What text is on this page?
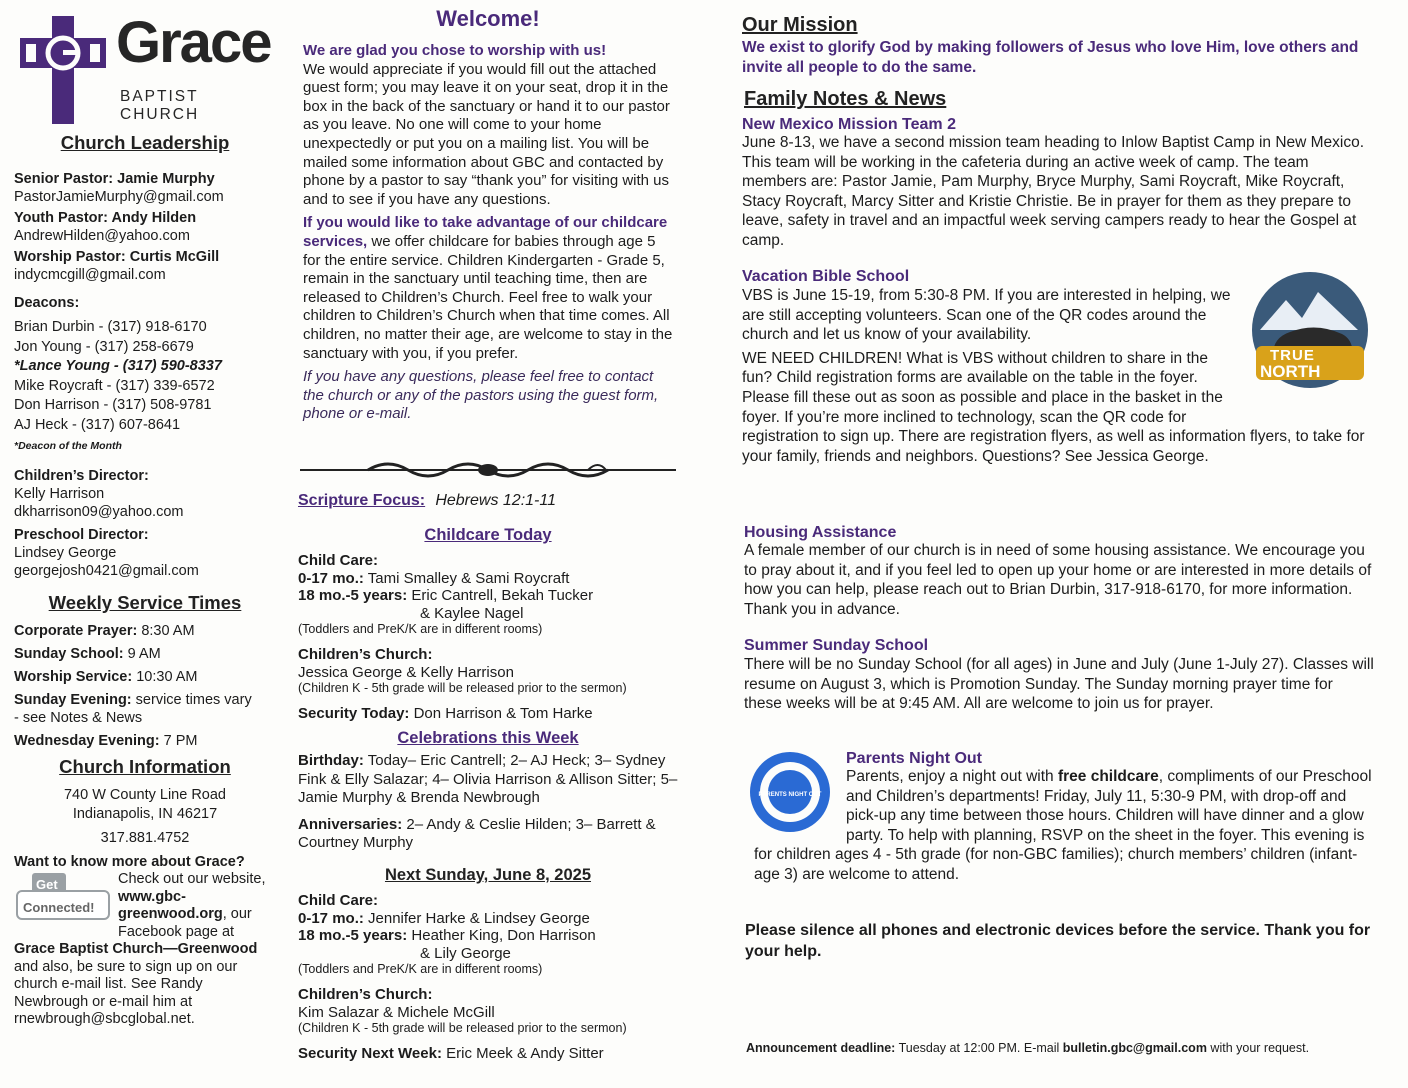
Grace
BAPTIST CHURCH
Church Leadership
Senior Pastor: Jamie Murphy
PastorJamieMurphy@gmail.com
Youth Pastor: Andy Hilden
AndrewHilden@yahoo.com
Worship Pastor: Curtis McGill
indycmcgill@gmail.com
Deacons:
Brian Durbin - (317) 918-6170
Jon Young - (317) 258-6679
*Lance Young - (317) 590-8337
Mike Roycraft - (317) 339-6572
Don Harrison - (317) 508-9781
AJ Heck - (317) 607-8641
*Deacon of the Month
Children’s Director:
Kelly Harrison
dkharrison09@yahoo.com
Preschool Director:
Lindsey George
georgejosh0421@gmail.com
Weekly Service Times
Corporate Prayer: 8:30 AM
Sunday School: 9 AM
Worship Service: 10:30 AM
Sunday Evening: service times vary - see Notes & News
Wednesday Evening: 7 PM
Church Information
740 W County Line Road
Indianapolis, IN 46217
317.881.4752
Want to know more about Grace?
Get
Connected!
Check out our website, www.gbc-greenwood.org, our Facebook page at Grace Baptist Church—Greenwood and also, be sure to sign up on our church e-mail list. See Randy Newbrough or e-mail him at rnewbrough@sbcglobal.net.
Welcome!
We are glad you chose to worship with us!
We would appreciate if you would fill out the attached guest form; you may leave it on your seat, drop it in the box in the back of the sanctuary or hand it to our pastor as you leave. No one will come to your home unexpectedly or put you on a mailing list. You will be mailed some information about GBC and contacted by phone by a pastor to say “thank you” for visiting with us and to see if you have any questions.
If you would like to take advantage of our childcare services, we offer childcare for babies through age 5 for the entire service. Children Kindergarten - Grade 5, remain in the sanctuary until teaching time, then are released to Children’s Church. Feel free to walk your children to Children’s Church when that time comes. All children, no matter their age, are welcome to stay in the sanctuary with you, if you prefer.
If you have any questions, please feel free to contact the church or any of the pastors using the guest form, phone or e-mail.
Scripture Focus: Hebrews 12:1-11
Childcare Today
Child Care:
0-17 mo.: Tami Smalley & Sami Roycraft
18 mo.-5 years: Eric Cantrell, Bekah Tucker
& Kaylee Nagel
(Toddlers and PreK/K are in different rooms)
Children’s Church:
Jessica George & Kelly Harrison
(Children K - 5th grade will be released prior to the sermon)
Security Today: Don Harrison & Tom Harke
Celebrations this Week
Birthday: Today– Eric Cantrell; 2– AJ Heck; 3– Sydney Fink & Elly Salazar; 4– Olivia Harrison & Allison Sitter; 5– Jamie Murphy & Brenda Newbrough
Anniversaries: 2– Andy & Ceslie Hilden; 3– Barrett & Courtney Murphy
Next Sunday, June 8, 2025
Child Care:
0-17 mo.: Jennifer Harke & Lindsey George
18 mo.-5 years: Heather King, Don Harrison
& Lily George
(Toddlers and PreK/K are in different rooms)
Children’s Church:
Kim Salazar & Michele McGill
(Children K - 5th grade will be released prior to the sermon)
Security Next Week: Eric Meek & Andy Sitter
Our Mission
We exist to glorify God by making followers of Jesus who love Him, love others and invite all people to do the same.
Family Notes & News
New Mexico Mission Team 2
June 8-13, we have a second mission team heading to Inlow Baptist Camp in New Mexico. This team will be working in the cafeteria during an active week of camp. The team members are: Pastor Jamie, Pam Murphy, Bryce Murphy, Sami Roycraft, Mike Roycraft, Stacy Roycraft, Marcy Sitter and Kristie Christie. Be in prayer for them as they prepare to leave, safety in travel and an impactful week serving campers ready to hear the Gospel at camp.
Vacation Bible School
TRUE
NORTH
VBS is June 15-19, from 5:30-8 PM. If you are interested in helping, we are still accepting volunteers. Scan one of the QR codes around the church and let us know of your availability.
WE NEED CHILDREN! What is VBS without children to share in the fun? Child registration forms are available on the table in the foyer. Please fill these out as soon as possible and place in the basket in the foyer. If you’re more inclined to technology, scan the QR code for registration to sign up. There are registration flyers, as well as information flyers, to take for your family, friends and neighbors. Questions? See Jessica George.
Housing Assistance
A female member of our church is in need of some housing assistance. We encourage you to pray about it, and if you feel led to open up your home or are interested in more details of how you can help, please reach out to Brian Durbin, 317-918-6170, for more information. Thank you in advance.
Summer Sunday School
There will be no Sunday School (for all ages) in June and July (June 1-July 27). Classes will resume on August 3, which is Promotion Sunday. The Sunday morning prayer time for these weeks will be at 9:45 AM. All are welcome to join us for prayer.
PARENTS NIGHT OUT
Parents Night Out
Parents, enjoy a night out with free childcare, compliments of our Preschool and Children’s departments! Friday, July 11, 5:30-9 PM, with drop-off and pick-up any time between those hours. Children will have dinner and a glow party. To help with planning, RSVP on the sheet in the foyer. This evening is for children ages 4 - 5th grade (for non-GBC families); church members’ children (infant-age 3) are welcome to attend.
Please silence all phones and electronic devices before the service. Thank you for your help.
Announcement deadline: Tuesday at 12:00 PM. E-mail bulletin.gbc@gmail.com with your request.
